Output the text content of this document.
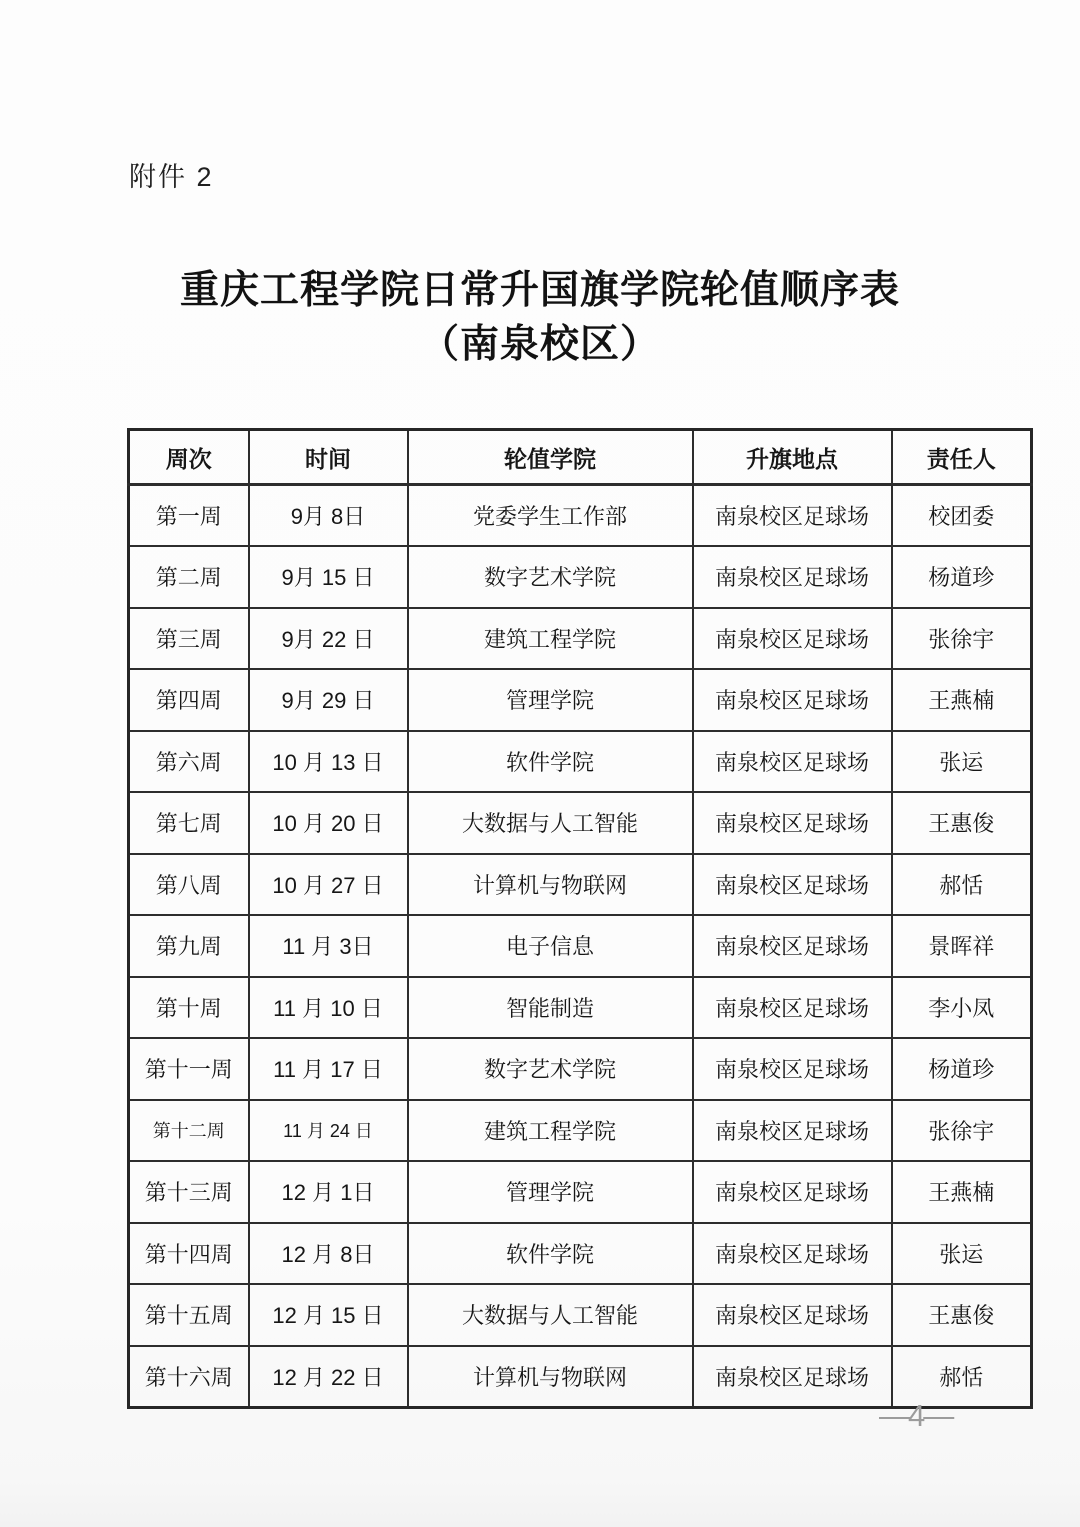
附件 2
重庆工程学院日常升国旗学院轮值顺序表
（南泉校区）
周次	时间	轮值学院	升旗地点	责任人
第一周	9月 8日	党委学生工作部	南泉校区足球场	校团委
第二周	9月 15 日	数字艺术学院	南泉校区足球场	杨道珍
第三周	9月 22 日	建筑工程学院	南泉校区足球场	张徐宇
第四周	9月 29 日	管理学院	南泉校区足球场	王燕楠
第六周	10 月 13 日	软件学院	南泉校区足球场	张运
第七周	10 月 20 日	大数据与人工智能	南泉校区足球场	王惠俊
第八周	10 月 27 日	计算机与物联网	南泉校区足球场	郝恬
第九周	11 月 3日	电子信息	南泉校区足球场	景晖祥
第十周	11 月 10 日	智能制造	南泉校区足球场	李小凤
第十一周	11 月 17 日	数字艺术学院	南泉校区足球场	杨道珍
第十二周	11 月 24 日	建筑工程学院	南泉校区足球场	张徐宇
第十三周	12 月 1日	管理学院	南泉校区足球场	王燕楠
第十四周	12 月 8日	软件学院	南泉校区足球场	张运
第十五周	12 月 15 日	大数据与人工智能	南泉校区足球场	王惠俊
第十六周	12 月 22 日	计算机与物联网	南泉校区足球场	郝恬
—4—
